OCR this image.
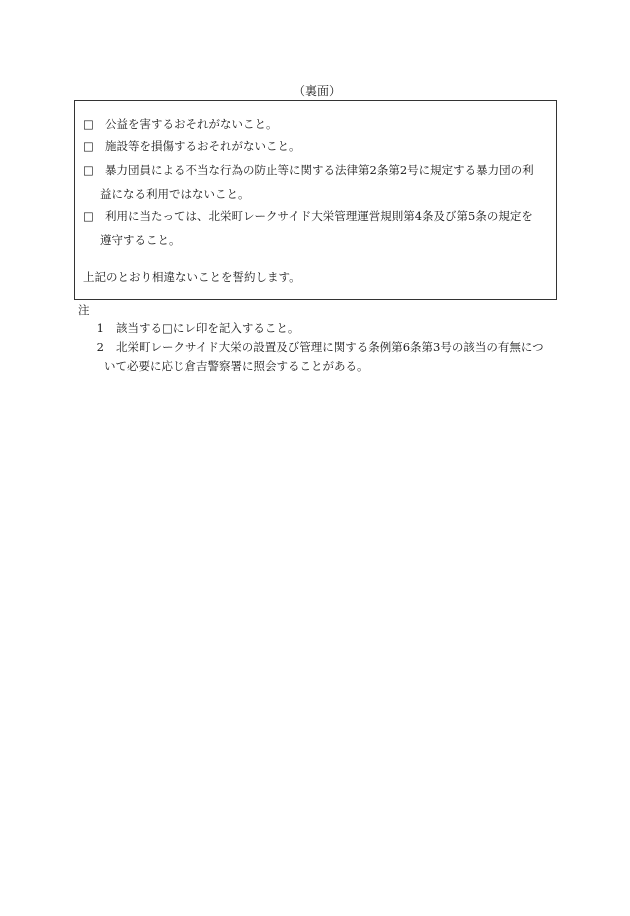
（裏面）
□ 公益を害するおそれがないこと。
□ 施設等を損傷するおそれがないこと。
□ 暴力団員による不当な行為の防止等に関する法律第2条第2号に規定する暴力団の利
益になる利用ではないこと。
□ 利用に当たっては、北栄町レークサイド大栄管理運営規則第4条及び第5条の規定を
遵守すること。
上記のとおり相違ないことを誓約します。
注
1 該当する□にレ印を記入すること。
2 北栄町レークサイド大栄の設置及び管理に関する条例第6条第3号の該当の有無につ
いて必要に応じ倉吉警察署に照会することがある。
